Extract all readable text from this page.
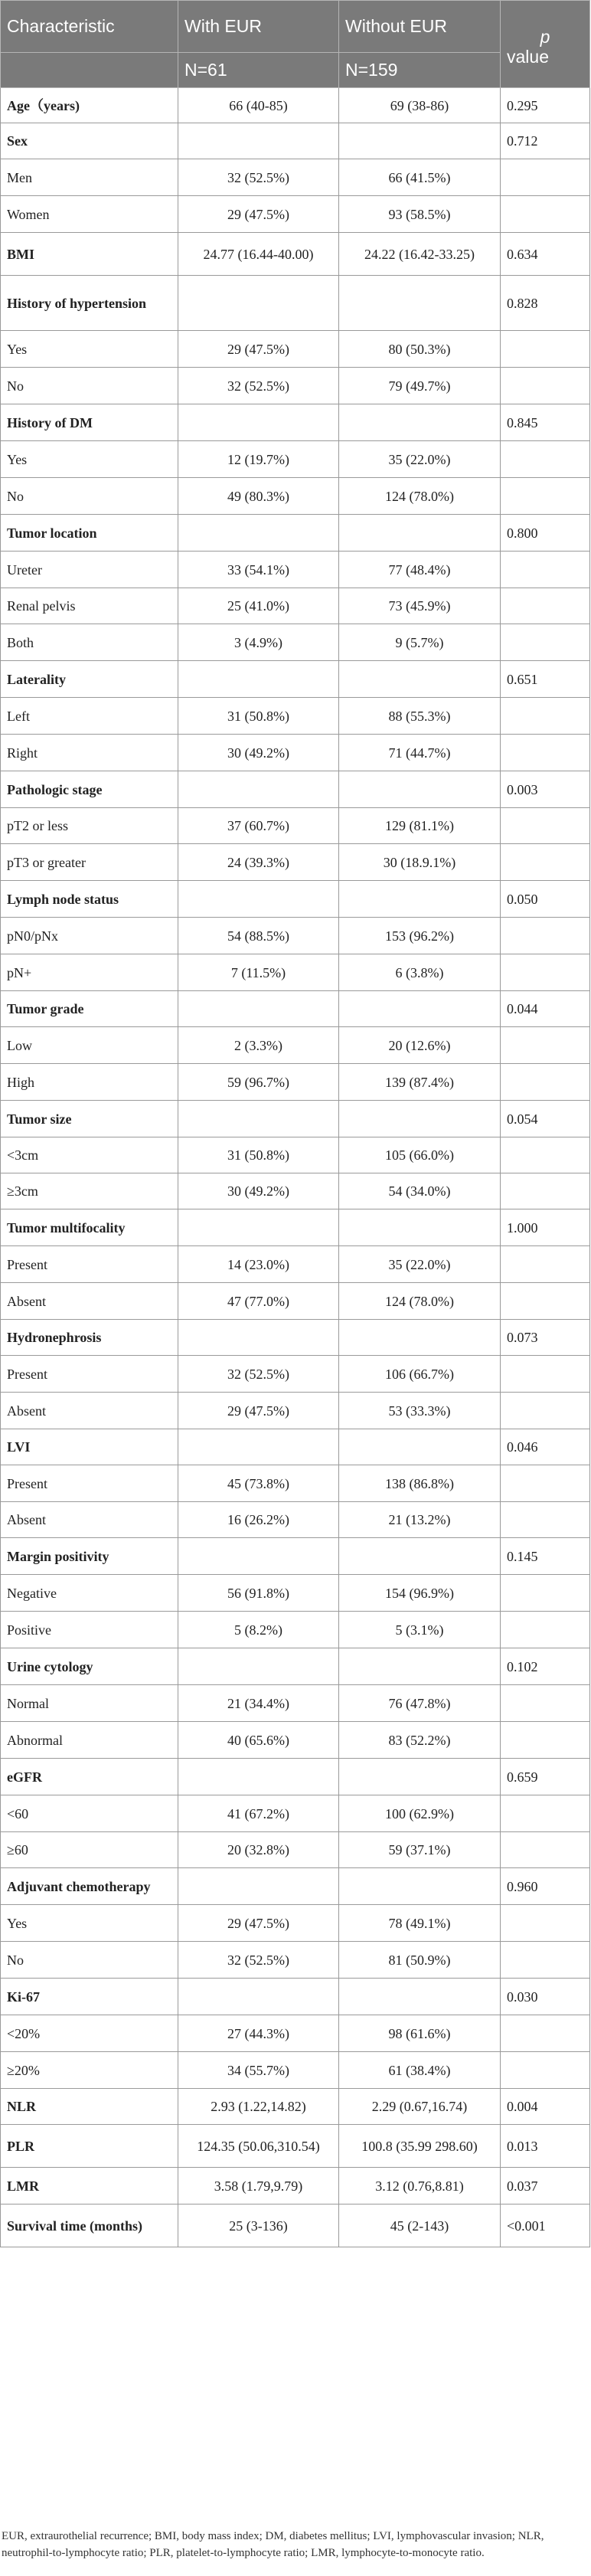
Characteristic	With EUR	Without EUR	p
value

	N=61	N=159	
Age（years)	66 (40-85)	69 (38-86)	0.295
Sex			0.712
Men	32 (52.5%)	66 (41.5%)	
Women	29 (47.5%)	93 (58.5%)	
BMI	24.77 (16.44-40.00)	24.22 (16.42-33.25)	0.634
History of hypertension			0.828
Yes	29 (47.5%)	80 (50.3%)	
No	32 (52.5%)	79 (49.7%)	
History of DM			0.845
Yes	12 (19.7%)	35 (22.0%)	
No	49 (80.3%)	124 (78.0%)	
Tumor location			0.800
Ureter	33 (54.1%)	77 (48.4%)	
Renal pelvis	25 (41.0%)	73 (45.9%)	
Both	3 (4.9%)	9 (5.7%)	
Laterality			0.651
Left	31 (50.8%)	88 (55.3%)	
Right	30 (49.2%)	71 (44.7%)	
Pathologic stage			0.003
pT2 or less	37 (60.7%)	129 (81.1%)	
pT3 or greater	24 (39.3%)	30 (18.9.1%)	
Lymph node status			0.050
pN0/pNx	54 (88.5%)	153 (96.2%)	
pN+	7 (11.5%)	6 (3.8%)	
Tumor grade			0.044
Low	2 (3.3%)	20 (12.6%)	
High	59 (96.7%)	139 (87.4%)	
Tumor size			0.054
<3cm	31 (50.8%)	105 (66.0%)	
≥3cm	30 (49.2%)	54 (34.0%)	
Tumor multifocality			1.000
Present	14 (23.0%)	35 (22.0%)	
Absent	47 (77.0%)	124 (78.0%)	
Hydronephrosis			0.073
Present	32 (52.5%)	106 (66.7%)	
Absent	29 (47.5%)	53 (33.3%)	
LVI			0.046
Present	45 (73.8%)	138 (86.8%)	
Absent	16 (26.2%)	21 (13.2%)	
Margin positivity			0.145
Negative	56 (91.8%)	154 (96.9%)	
Positive	5 (8.2%)	5 (3.1%)	
Urine cytology			0.102
Normal	21 (34.4%)	76 (47.8%)	
Abnormal	40 (65.6%)	83 (52.2%)	
eGFR			0.659
<60	41 (67.2%)	100 (62.9%)	
≥60	20 (32.8%)	59 (37.1%)	
Adjuvant chemotherapy			0.960
Yes	29 (47.5%)	78 (49.1%)	
No	32 (52.5%)	81 (50.9%)	
Ki-67			0.030
<20%	27 (44.3%)	98 (61.6%)	
≥20%	34 (55.7%)	61 (38.4%)	
NLR	2.93 (1.22,14.82)	2.29 (0.67,16.74)	0.004
PLR	124.35 (50.06,310.54)	100.8 (35.99 298.60)	0.013
LMR	3.58 (1.79,9.79)	3.12 (0.76,8.81)	0.037
Survival time (months)	25 (3-136)	45 (2-143)	<0.001
EUR, extraurothelial recurrence; BMI, body mass index; DM, diabetes mellitus; LVI, lymphovascular invasion; NLR, neutrophil-to-lymphocyte ratio; PLR, platelet-to-lymphocyte ratio; LMR, lymphocyte-to-monocyte ratio.
